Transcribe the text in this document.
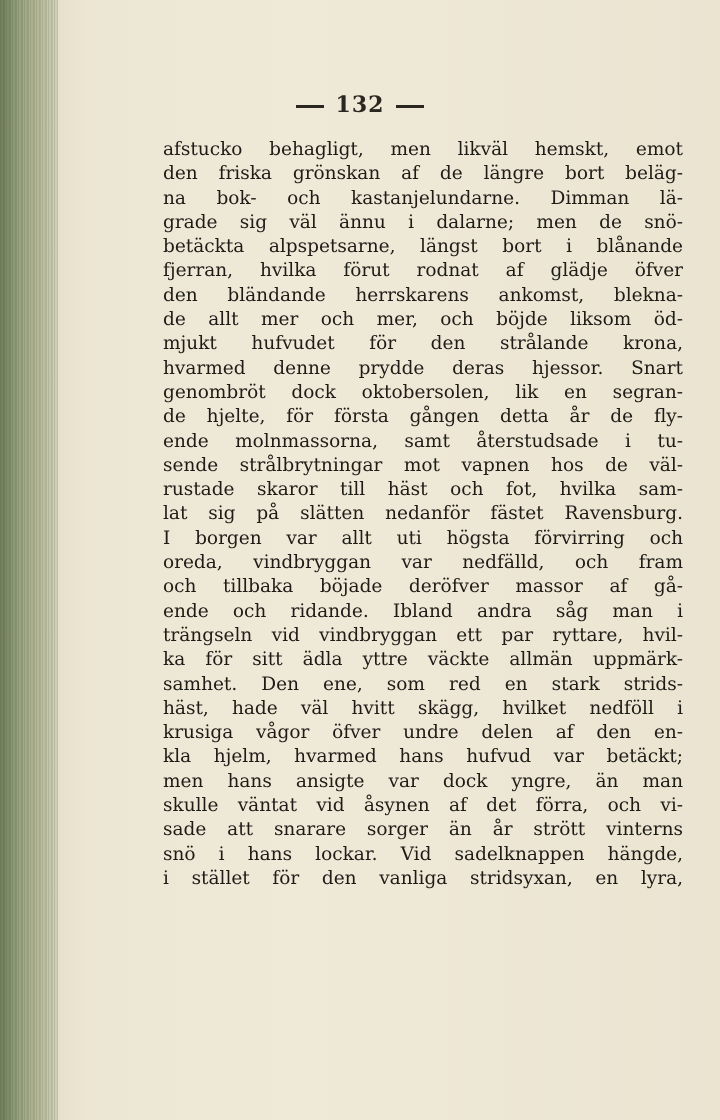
132
afstucko behagligt, men likväl hemskt, emot
den friska grönskan af de längre bort beläg-
na bok- och kastanjelundarne. Dimman lä-
grade sig väl ännu i dalarne; men de snö-
betäckta alpspetsarne, längst bort i blånande
fjerran, hvilka förut rodnat af glädje öfver
den bländande herrskarens ankomst, blekna-
de allt mer och mer, och böjde liksom öd-
mjukt hufvudet för den strålande krona,
hvarmed denne prydde deras hjessor. Snart
genombröt dock oktobersolen, lik en segran-
de hjelte, för första gången detta år de fly-
ende molnmassorna, samt återstudsade i tu-
sende strålbrytningar mot vapnen hos de väl-
rustade skaror till häst och fot, hvilka sam-
lat sig på slätten nedanför fästet Ravensburg.
I borgen var allt uti högsta förvirring och
oreda, vindbryggan var nedfälld, och fram
och tillbaka böjade deröfver massor af gå-
ende och ridande. Ibland andra såg man i
trängseln vid vindbryggan ett par ryttare, hvil-
ka för sitt ädla yttre väckte allmän uppmärk-
samhet. Den ene, som red en stark strids-
häst, hade väl hvitt skägg, hvilket nedföll i
krusiga vågor öfver undre delen af den en-
kla hjelm, hvarmed hans hufvud var betäckt;
men hans ansigte var dock yngre, än man
skulle väntat vid åsynen af det förra, och vi-
sade att snarare sorger än år strött vinterns
snö i hans lockar. Vid sadelknappen hängde,
i stället för den vanliga stridsyxan, en lyra,
